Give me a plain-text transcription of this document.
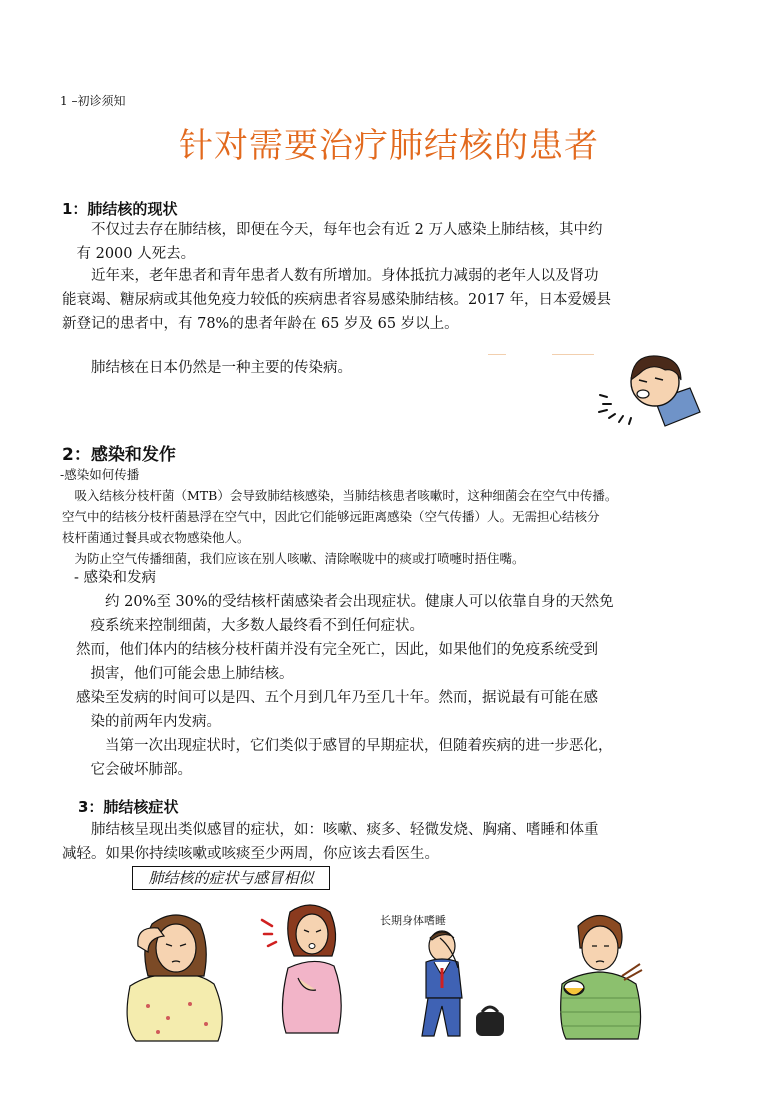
1 –初诊须知
针对需要治疗肺结核的患者
1：肺结核的现状
不仅过去存在肺结核，即便在今天，每年也会有近 2 万人感染上肺结核，其中约
有 2000 人死去。
近年来，老年患者和青年患者人数有所增加。身体抵抗力减弱的老年人以及肾功
能衰竭、糖尿病或其他免疫力较低的疾病患者容易感染肺结核。2017 年，日本爱媛县
新登记的患者中，有 78%的患者年龄在 65 岁及 65 岁以上。
肺结核在日本仍然是一种主要的传染病。
2：感染和发作
-感染如何传播
吸入结核分枝杆菌（MTB）会导致肺结核感染，当肺结核患者咳嗽时，这种细菌会在空气中传播。
空气中的结核分枝杆菌悬浮在空气中，因此它们能够远距离感染（空气传播）人。无需担心结核分
枝杆菌通过餐具或衣物感染他人。
为防止空气传播细菌，我们应该在别人咳嗽、清除喉咙中的痰或打喷嚏时捂住嘴。
- 感染和发病
约 20%至 30%的受结核杆菌感染者会出现症状。健康人可以依靠自身的天然免
疫系统来控制细菌，大多数人最终看不到任何症状。
然而，他们体内的结核分枝杆菌并没有完全死亡，因此，如果他们的免疫系统受到
损害，他们可能会患上肺结核。
感染至发病的时间可以是四、五个月到几年乃至几十年。然而，据说最有可能在感
染的前两年内发病。
当第一次出现症状时，它们类似于感冒的早期症状，但随着疾病的进一步恶化，
它会破坏肺部。
3：肺结核症状
肺结核呈现出类似感冒的症状，如：咳嗽、痰多、轻微发烧、胸痛、嗜睡和体重
减轻。如果你持续咳嗽或咳痰至少两周，你应该去看医生。
肺结核的症状与感冒相似
长期身体嗜睡
